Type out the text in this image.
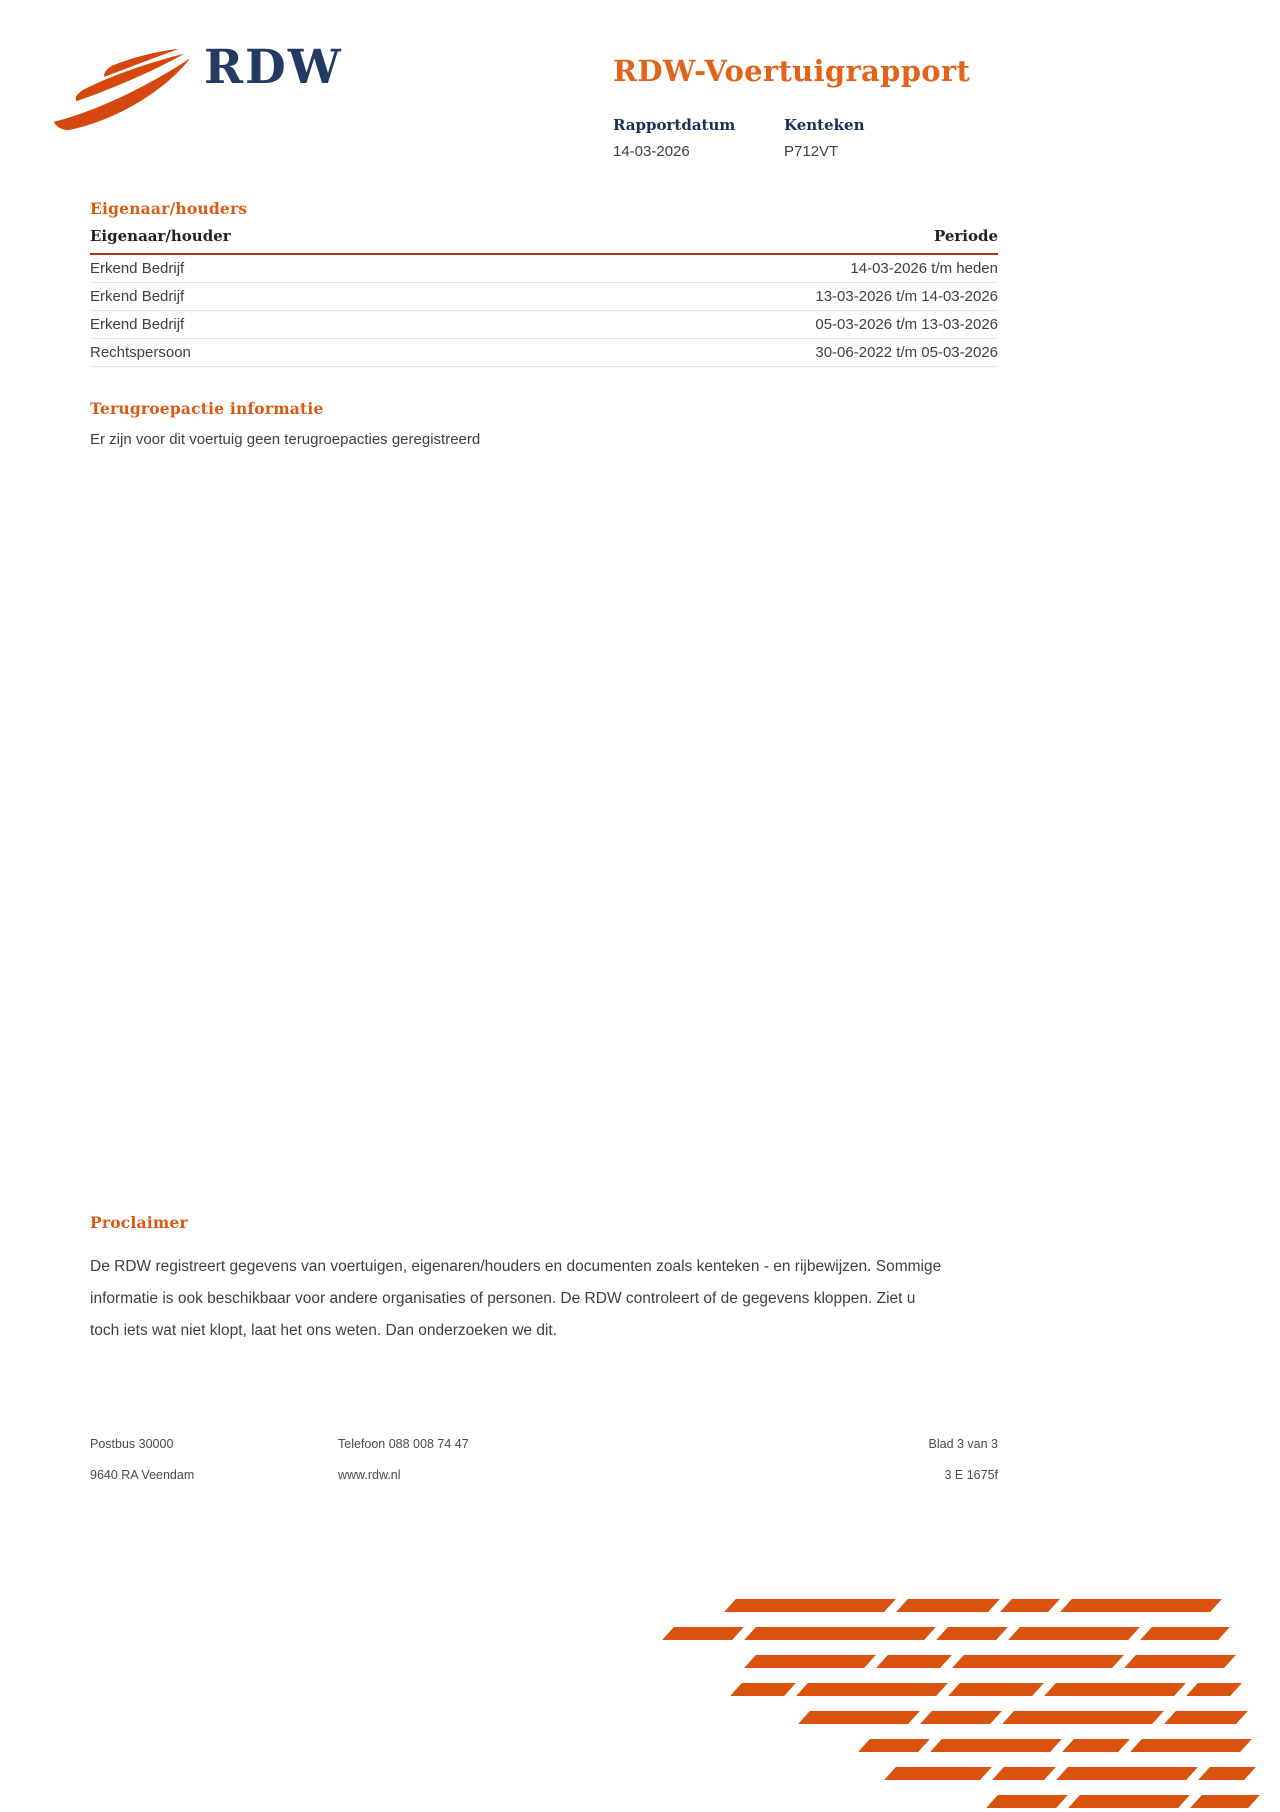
RDW	RDW-Voertuigrapport
Rapportdatum
14-03-2026
Kenteken
P712VT
Eigenaar/houders
Eigenaar/houder	Periode
Erkend Bedrijf	14-03-2026 t/m heden
Erkend Bedrijf	13-03-2026 t/m 14-03-2026
Erkend Bedrijf	05-03-2026 t/m 13-03-2026
Rechtspersoon	30-06-2022 t/m 05-03-2026
Terugroepactie informatie
Er zijn voor dit voertuig geen terugroepacties geregistreerd
Proclaimer
De RDW registreert gegevens van voertuigen, eigenaren/houders en documenten zoals kenteken - en rijbewijzen. Sommige informatie is ook beschikbaar voor andere organisaties of personen. De RDW controleert of de gegevens kloppen. Ziet u toch iets wat niet klopt, laat het ons weten. Dan onderzoeken we dit.
Postbus 30000
9640 RA Veendam
Telefoon 088 008 74 47
www.rdw.nl
Blad 3 van 3
3 E 1675f
